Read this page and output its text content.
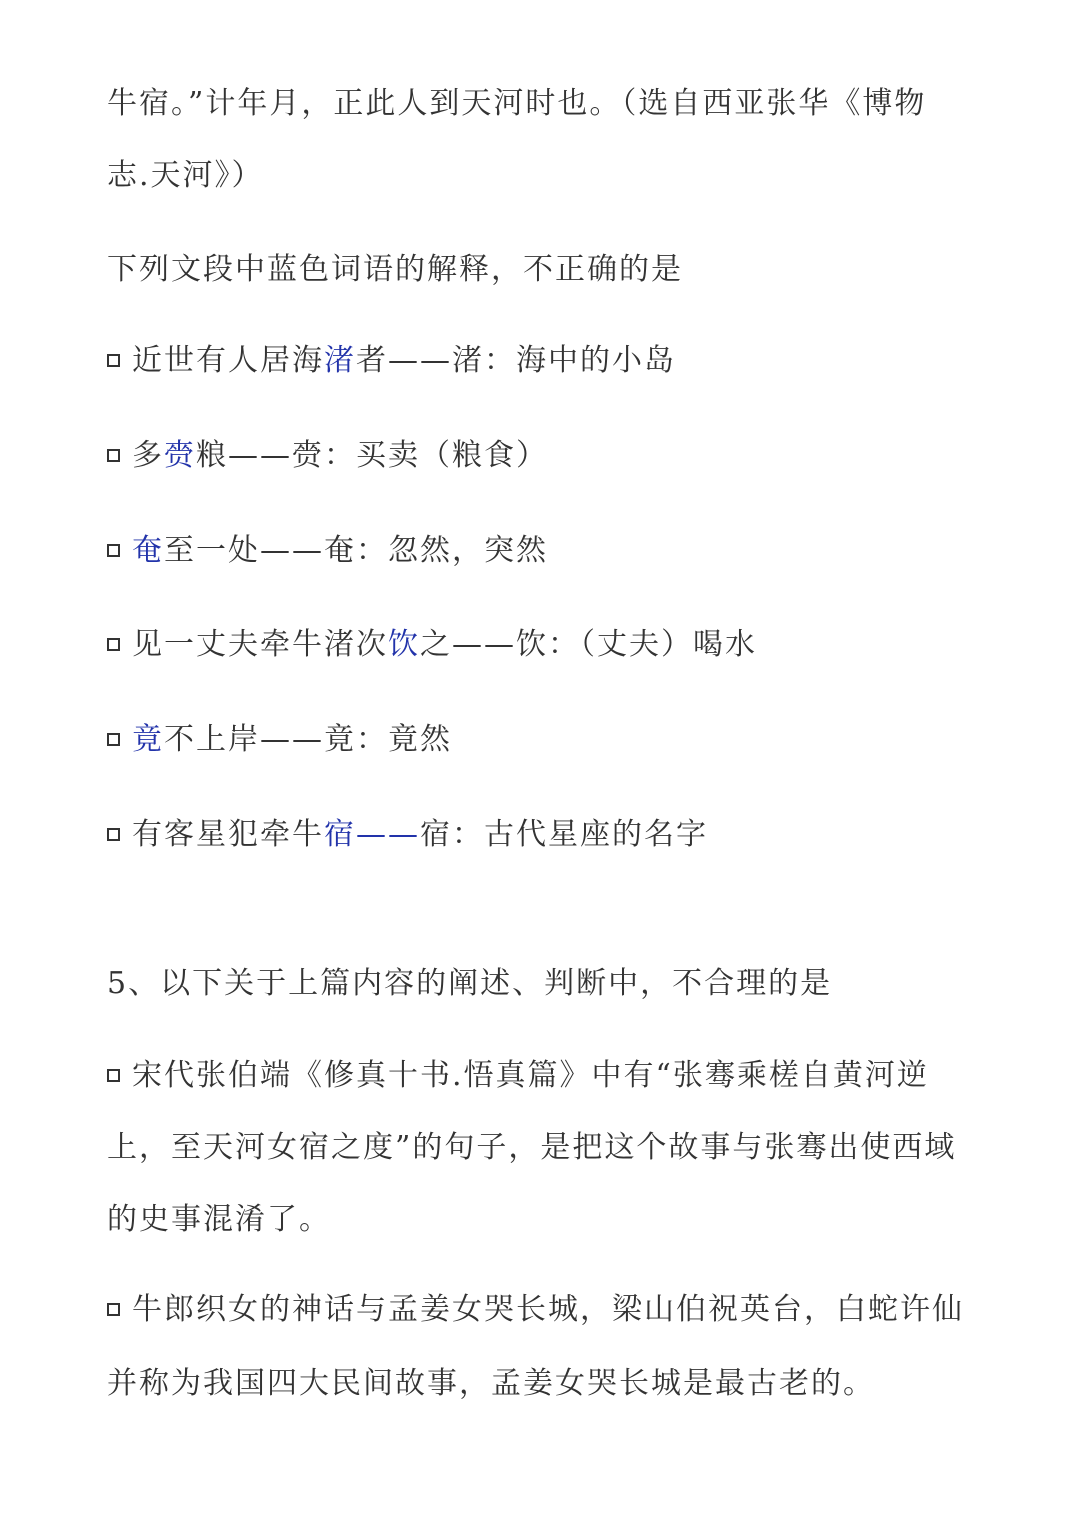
牛宿。”计年月，正此人到天河时也。（选自西亚张华《博物
志.天河》）
下列文段中蓝色词语的解释，不正确的是
近世有人居海渚者——渚：海中的小岛
多赍粮——赍：买卖（粮食）
奄至一处——奄：忽然，突然
见一丈夫牵牛渚次饮之——饮：（丈夫）喝水
竟不上岸——竟：竟然
有客星犯牵牛宿——宿：古代星座的名字
5、以下关于上篇内容的阐述、判断中，不合理的是
宋代张伯端《修真十书.悟真篇》中有“张骞乘槎自黄河逆
上，至天河女宿之度”的句子，是把这个故事与张骞出使西域
的史事混淆了。
牛郎织女的神话与孟姜女哭长城，梁山伯祝英台，白蛇许仙
并称为我国四大民间故事，孟姜女哭长城是最古老的。
